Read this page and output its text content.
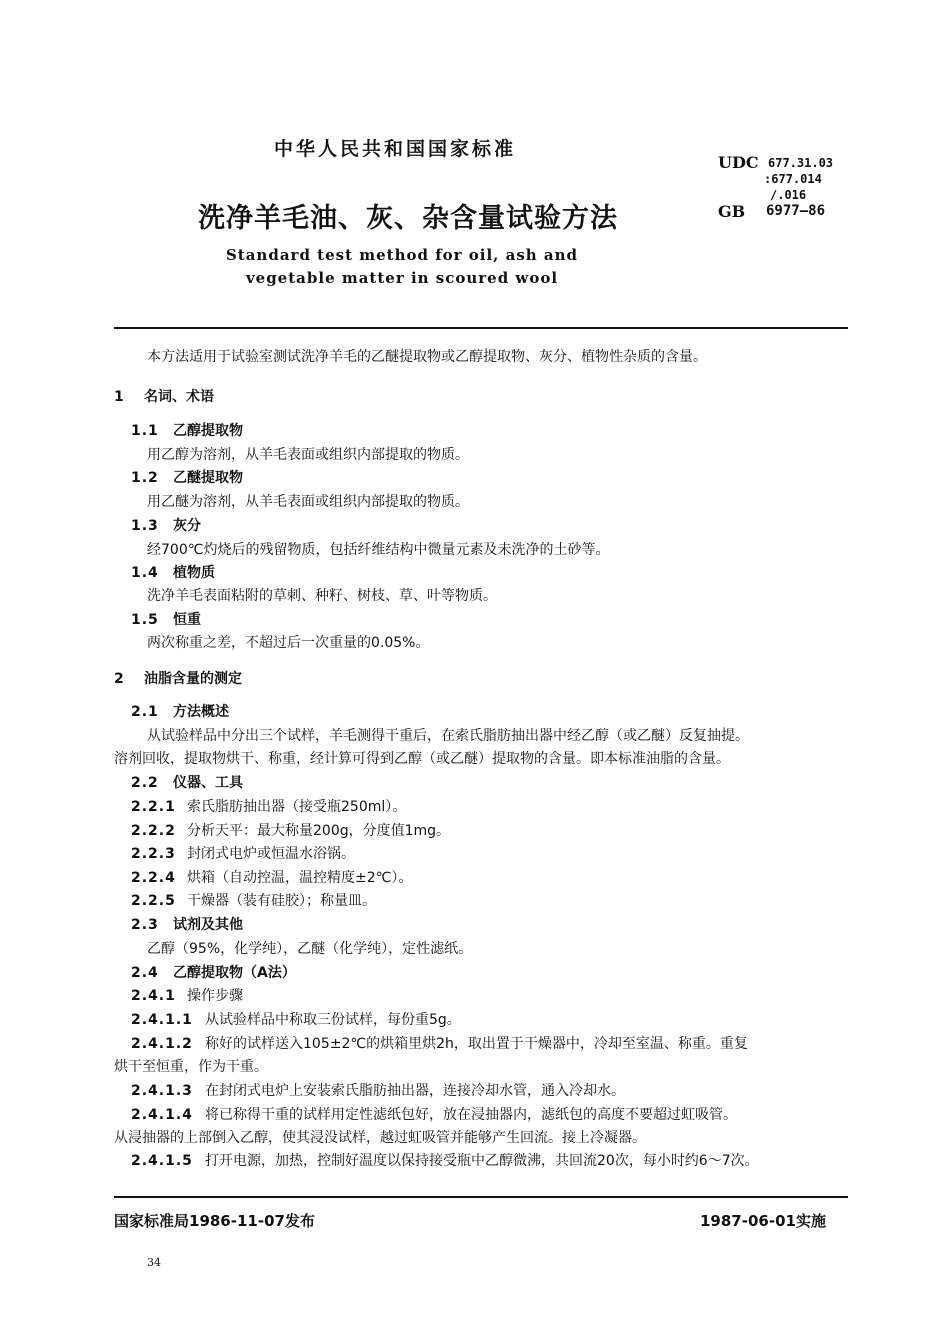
中华人民共和国国家标准
洗净羊毛油、灰、杂含量试验方法
Standard test method for oil, ash and
vegetable matter in scoured wool
UDC 677.31.03
:677.014
/.016
GB 6977—86
本方法适用于试验室测试洗净羊毛的乙醚提取物或乙醇提取物、灰分、植物性杂质的含量。
1 名词、术语
1.1 乙醇提取物
用乙醇为溶剂，从羊毛表面或组织内部提取的物质。
1.2 乙醚提取物
用乙醚为溶剂，从羊毛表面或组织内部提取的物质。
1.3 灰分
经700℃灼烧后的残留物质，包括纤维结构中微量元素及未洗净的土砂等。
1.4 植物质
洗净羊毛表面粘附的草刺、种籽、树枝、草、叶等物质。
1.5 恒重
两次称重之差，不超过后一次重量的0.05%。
2 油脂含量的测定
2.1 方法概述
从试验样品中分出三个试样，羊毛测得干重后，在索氏脂肪抽出器中经乙醇（或乙醚）反复抽提。
溶剂回收，提取物烘干、称重，经计算可得到乙醇（或乙醚）提取物的含量。即本标准油脂的含量。
2.2 仪器、工具
2.2.1 索氏脂肪抽出器（接受瓶250ml）。
2.2.2 分析天平：最大称量200g，分度值1mg。
2.2.3 封闭式电炉或恒温水浴锅。
2.2.4 烘箱（自动控温，温控精度±2℃）。
2.2.5 干燥器（装有硅胶）；称量皿。
2.3 试剂及其他
乙醇（95%，化学纯），乙醚（化学纯），定性滤纸。
2.4 乙醇提取物（A法）
2.4.1 操作步骤
2.4.1.1 从试验样品中称取三份试样，每份重5g。
2.4.1.2 称好的试样送入105±2℃的烘箱里烘2h，取出置于干燥器中，冷却至室温、称重。重复
烘干至恒重，作为干重。
2.4.1.3 在封闭式电炉上安装索氏脂肪抽出器，连接冷却水管，通入冷却水。
2.4.1.4 将已称得干重的试样用定性滤纸包好，放在浸抽器内，滤纸包的高度不要超过虹吸管。
从浸抽器的上部倒入乙醇，使其浸没试样，越过虹吸管并能够产生回流。接上冷凝器。
2.4.1.5 打开电源，加热，控制好温度以保持接受瓶中乙醇微沸，共回流20次，每小时约6～7次。
国家标准局1986-11-07发布	1987-06-01实施
34
